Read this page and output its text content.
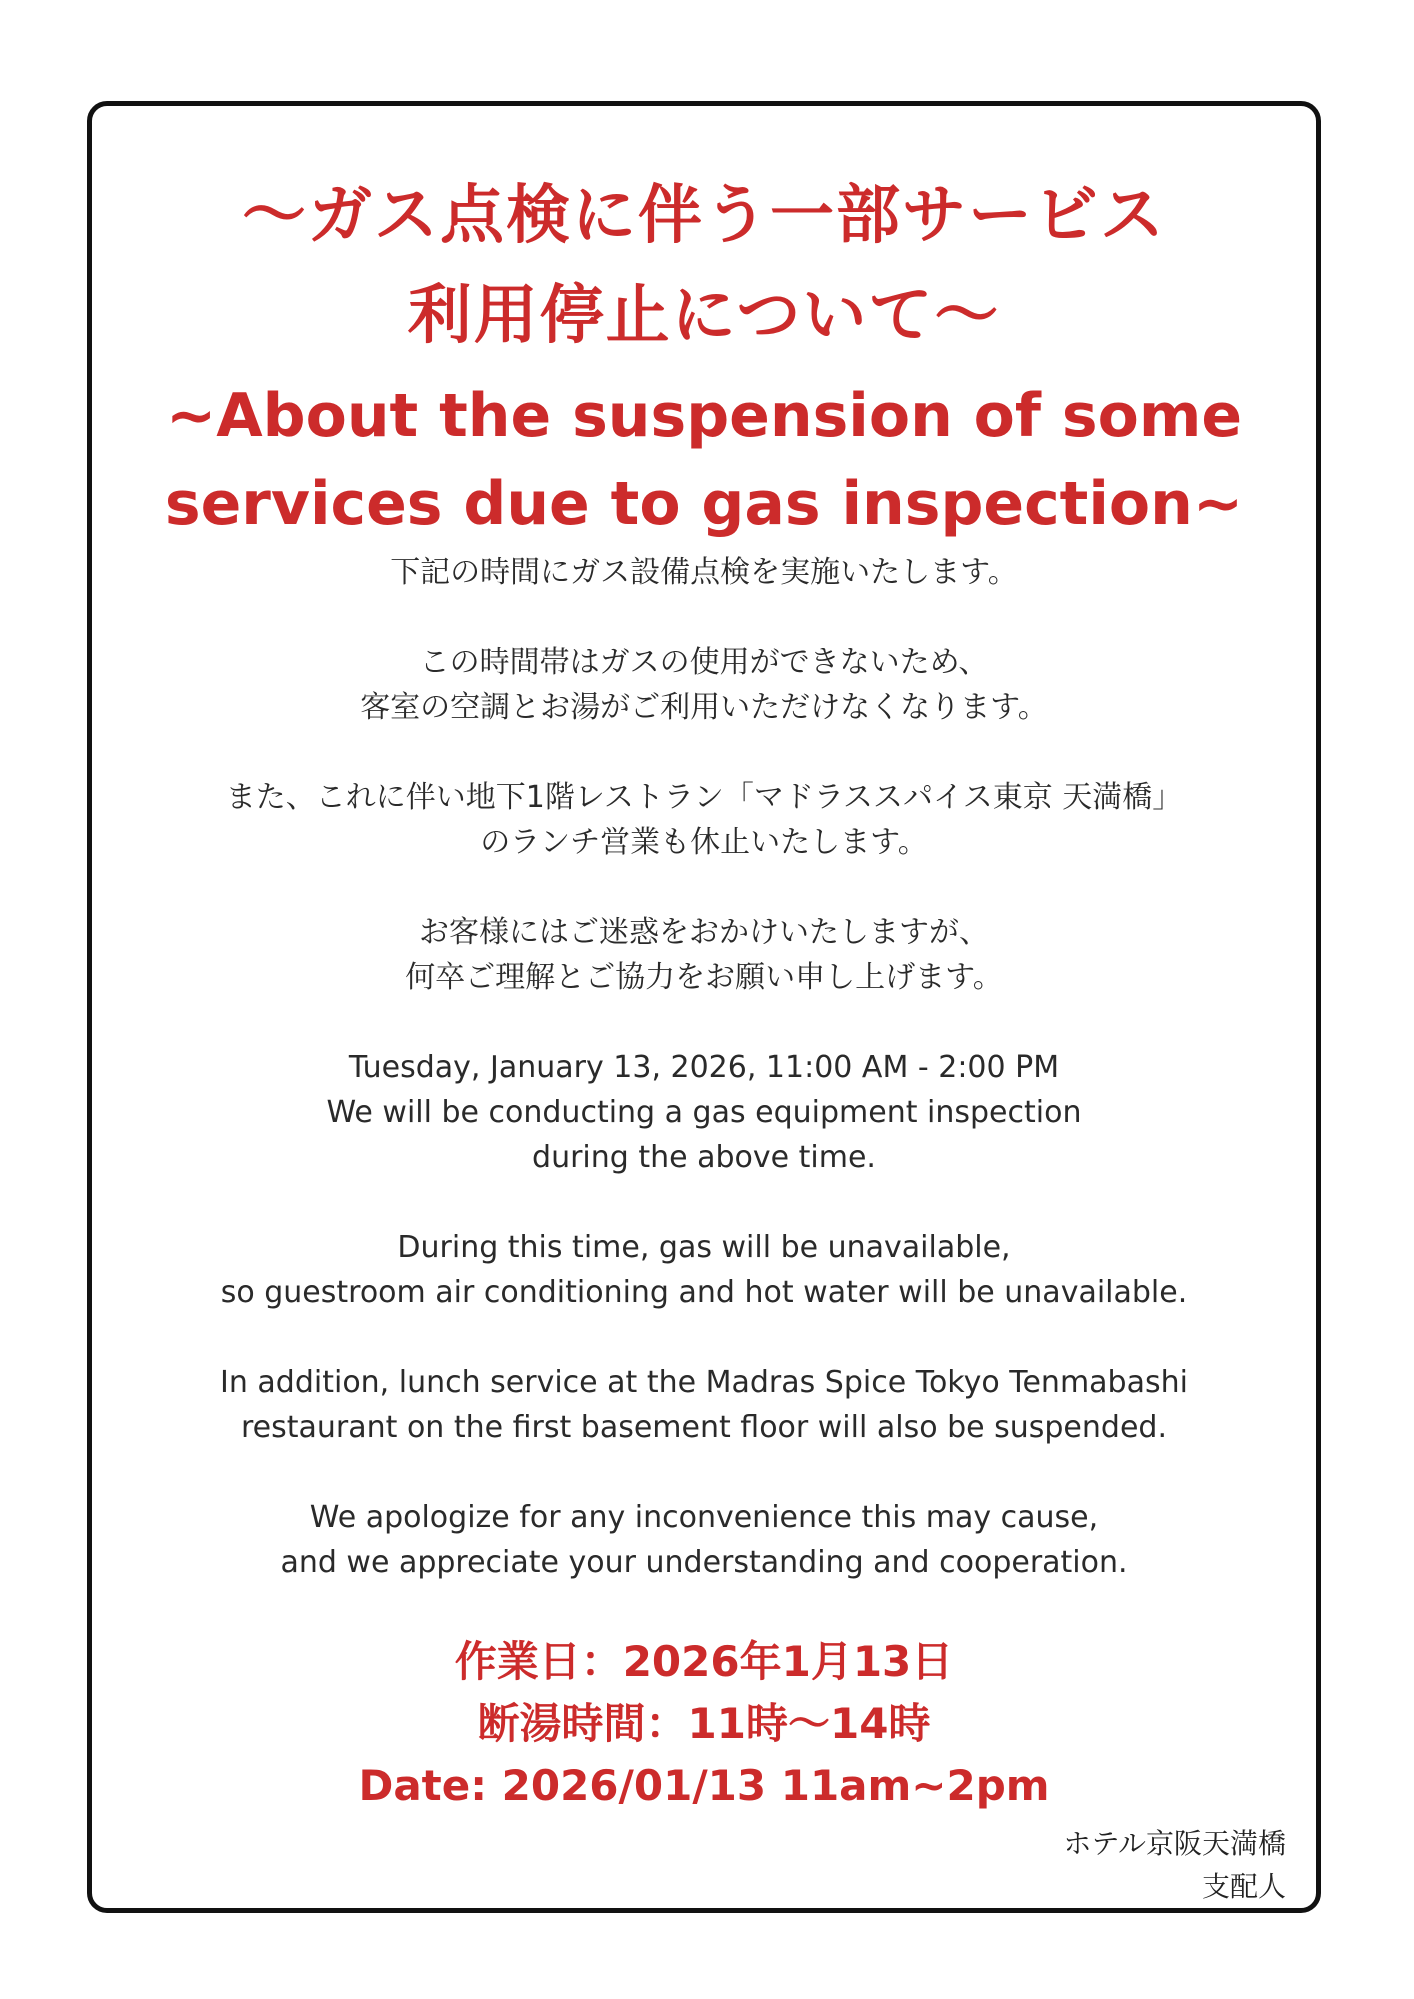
〜ガス点検に伴う一部サービス

利用停止について〜

~About the suspension of some

services due to gas inspection~

下記の時間にガス設備点検を実施いたします。

この時間帯はガスの使用ができないため、
客室の空調とお湯がご利用いただけなくなります。

また、これに伴い地下1階レストラン「マドラススパイス東京 天満橋」
のランチ営業も休止いたします。

お客様にはご迷惑をおかけいたしますが、
何卒ご理解とご協力をお願い申し上げます。

Tuesday, January 13, 2026, 11:00 AM - 2:00 PM
We will be conducting a gas equipment inspection
during the above time.

During this time, gas will be unavailable,
so guestroom air conditioning and hot water will be unavailable.

In addition, lunch service at the Madras Spice Tokyo Tenmabashi
restaurant on the first basement floor will also be suspended.

We apologize for any inconvenience this may cause,
and we appreciate your understanding and cooperation.

作業日：2026年1月13日
断湯時間：11時〜14時
Date: 2026/01/13 11am~2pm
ホテル京阪天満橋
支配人
